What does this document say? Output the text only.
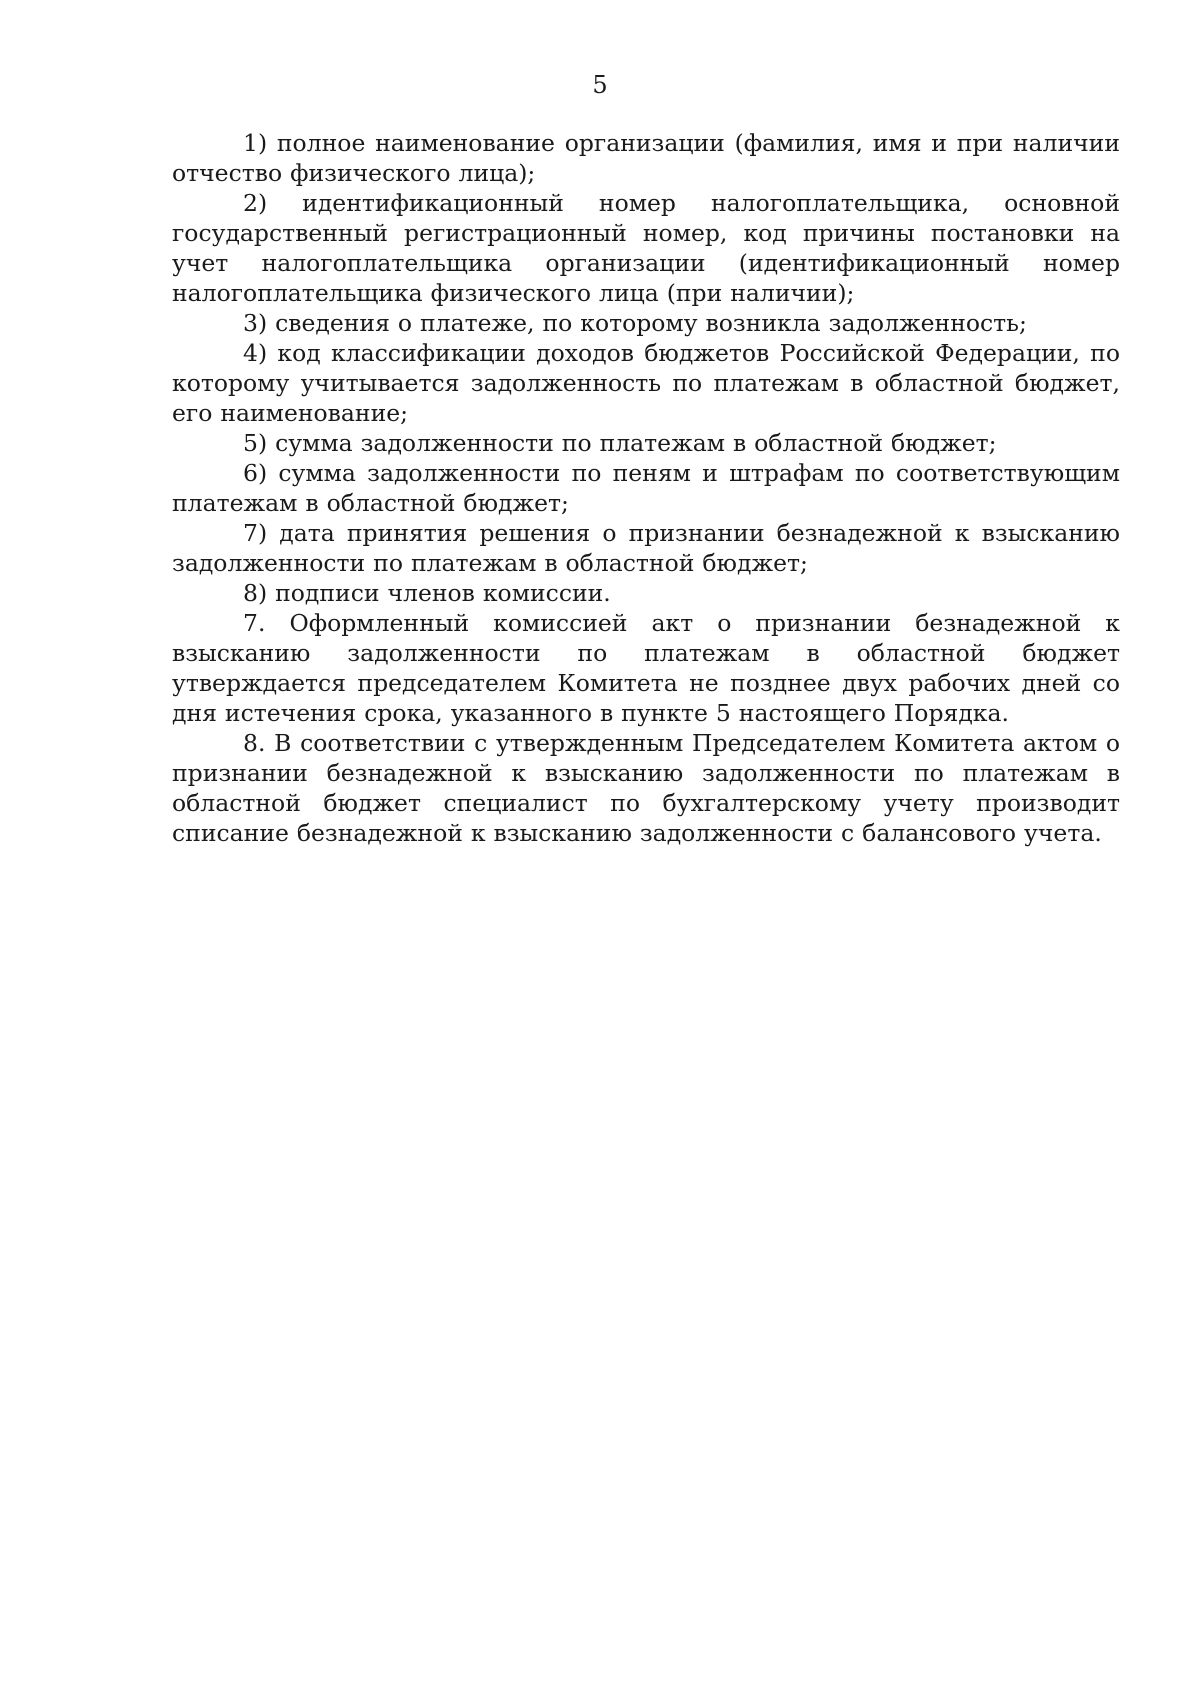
5

1) полное наименование организации (фамилия, имя и при наличии отчество физического лица);

2) идентификационный номер налогоплательщика, основной государственный регистрационный номер, код причины постановки на учет налогоплательщика организации (идентификационный номер налогоплательщика физического лица (при наличии);

3) сведения о платеже, по которому возникла задолженность;

4) код классификации доходов бюджетов Российской Федерации, по которому учитывается задолженность по платежам в областной бюджет, его наименование;

5) сумма задолженности по платежам в областной бюджет;

6) сумма задолженности по пеням и штрафам по соответствующим платежам в областной бюджет;

7) дата принятия решения о признании безнадежной к взысканию задолженности по платежам в областной бюджет;

8) подписи членов комиссии.

7. Оформленный комиссией акт о признании безнадежной к взысканию задолженности по платежам в областной бюджет утверждается председателем Комитета не позднее двух рабочих дней со дня истечения срока, указанного в пункте 5 настоящего Порядка.

8. В соответствии с утвержденным Председателем Комитета актом о признании безнадежной к взысканию задолженности по платежам в областной бюджет специалист по бухгалтерскому учету производит списание безнадежной к взысканию задолженности с балансового учета.
